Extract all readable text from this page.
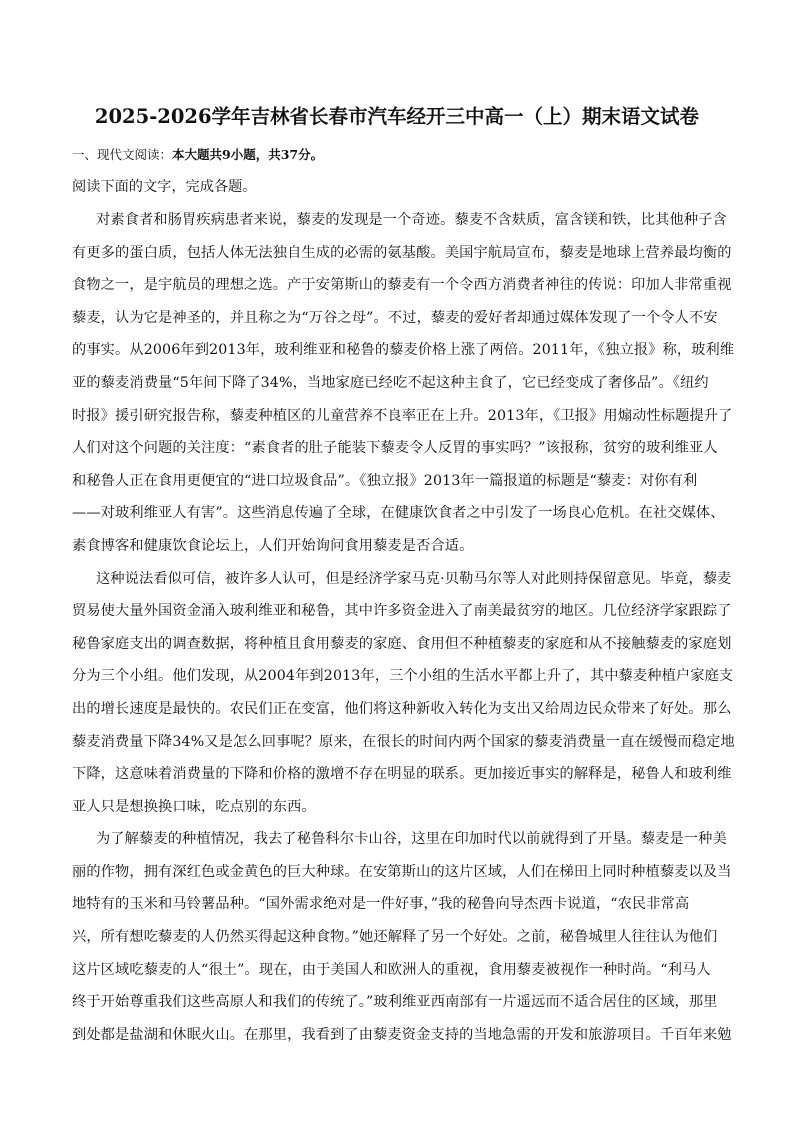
2025-2026学年吉林省长春市汽车经开三中高一（上）期末语文试卷
一、现代文阅读：本大题共9小题，共37分。
阅读下面的文字，完成各题。
对素食者和肠胃疾病患者来说，藜麦的发现是一个奇迹。藜麦不含麸质，富含镁和铁，比其他种子含
有更多的蛋白质，包括人体无法独自生成的必需的氨基酸。美国宇航局宣布，藜麦是地球上营养最均衡的
食物之一，是宇航员的理想之选。产于安第斯山的藜麦有一个令西方消费者神往的传说：印加人非常重视
藜麦，认为它是神圣的，并且称之为“万谷之母”。不过，藜麦的爱好者却通过媒体发现了一个令人不安
的事实。从2006年到2013年，玻利维亚和秘鲁的藜麦价格上涨了两倍。2011年，《独立报》称，玻利维
亚的藜麦消费量“5年间下降了34%，当地家庭已经吃不起这种主食了，它已经变成了奢侈品”。《纽约
时报》援引研究报告称，藜麦种植区的儿童营养不良率正在上升。2013年，《卫报》用煽动性标题提升了
人们对这个问题的关注度：“素食者的肚子能装下藜麦令人反胃的事实吗？”该报称，贫穷的玻利维亚人
和秘鲁人正在食用更便宜的“进口垃圾食品”。《独立报》2013年一篇报道的标题是“藜麦：对你有利
——对玻利维亚人有害”。这些消息传遍了全球，在健康饮食者之中引发了一场良心危机。在社交媒体、
素食博客和健康饮食论坛上，人们开始询问食用藜麦是否合适。
这种说法看似可信，被许多人认可，但是经济学家马克·贝勒马尔等人对此则持保留意见。毕竟，藜麦
贸易使大量外国资金涌入玻利维亚和秘鲁，其中许多资金进入了南美最贫穷的地区。几位经济学家跟踪了
秘鲁家庭支出的调查数据，将种植且食用藜麦的家庭、食用但不种植藜麦的家庭和从不接触藜麦的家庭划
分为三个小组。他们发现，从2004年到2013年，三个小组的生活水平都上升了，其中藜麦种植户家庭支
出的增长速度是最快的。农民们正在变富，他们将这种新收入转化为支出又给周边民众带来了好处。那么
藜麦消费量下降34%又是怎么回事呢？原来，在很长的时间内两个国家的藜麦消费量一直在缓慢而稳定地
下降，这意味着消费量的下降和价格的激增不存在明显的联系。更加接近事实的解释是，秘鲁人和玻利维
亚人只是想换换口味，吃点别的东西。
为了解藜麦的种植情况，我去了秘鲁科尔卡山谷，这里在印加时代以前就得到了开垦。藜麦是一种美
丽的作物，拥有深红色或金黄色的巨大种球。在安第斯山的这片区域，人们在梯田上同时种植藜麦以及当
地特有的玉米和马铃薯品种。“国外需求绝对是一件好事，”我的秘鲁向导杰西卡说道，“农民非常高
兴，所有想吃藜麦的人仍然买得起这种食物。”她还解释了另一个好处。之前，秘鲁城里人往往认为他们
这片区域吃藜麦的人“很土”。现在，由于美国人和欧洲人的重视，食用藜麦被视作一种时尚。“利马人
终于开始尊重我们这些高原人和我们的传统了。”玻利维亚西南部有一片遥远而不适合居住的区域，那里
到处都是盐湖和休眠火山。在那里，我看到了由藜麦资金支持的当地急需的开发和旅游项目。千百年来勉
